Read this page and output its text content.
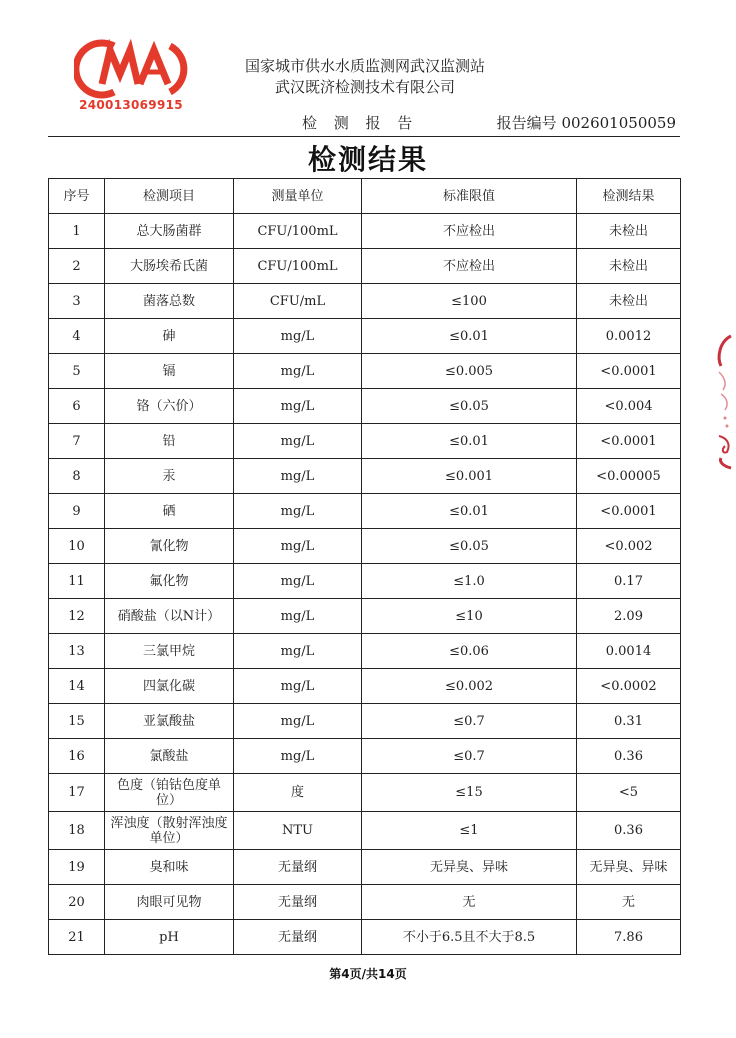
240013069915
国家城市供水水质监测网武汉监测站
武汉既济检测技术有限公司
检 测 报 告	报告编号 002601050059
检测结果
序号	检测项目	测量单位	标准限值	检测结果
1	总大肠菌群	CFU/100mL	不应检出	未检出
2	大肠埃希氏菌	CFU/100mL	不应检出	未检出
3	菌落总数	CFU/mL	≤100	未检出
4	砷	mg/L	≤0.01	0.0012
5	镉	mg/L	≤0.005	<0.0001
6	铬（六价）	mg/L	≤0.05	<0.004
7	铅	mg/L	≤0.01	<0.0001
8	汞	mg/L	≤0.001	<0.00005
9	硒	mg/L	≤0.01	<0.0001
10	氰化物	mg/L	≤0.05	<0.002
11	氟化物	mg/L	≤1.0	0.17
12	硝酸盐（以N计）	mg/L	≤10	2.09
13	三氯甲烷	mg/L	≤0.06	0.0014
14	四氯化碳	mg/L	≤0.002	<0.0002
15	亚氯酸盐	mg/L	≤0.7	0.31
16	氯酸盐	mg/L	≤0.7	0.36
17	色度（铂钴色度单位）	度	≤15	<5
18	浑浊度（散射浑浊度单位）	NTU	≤1	0.36
19	臭和味	无量纲	无异臭、异味	无异臭、异味
20	肉眼可见物	无量纲	无	无
21	pH	无量纲	不小于6.5且不大于8.5	7.86
第4页/共14页
